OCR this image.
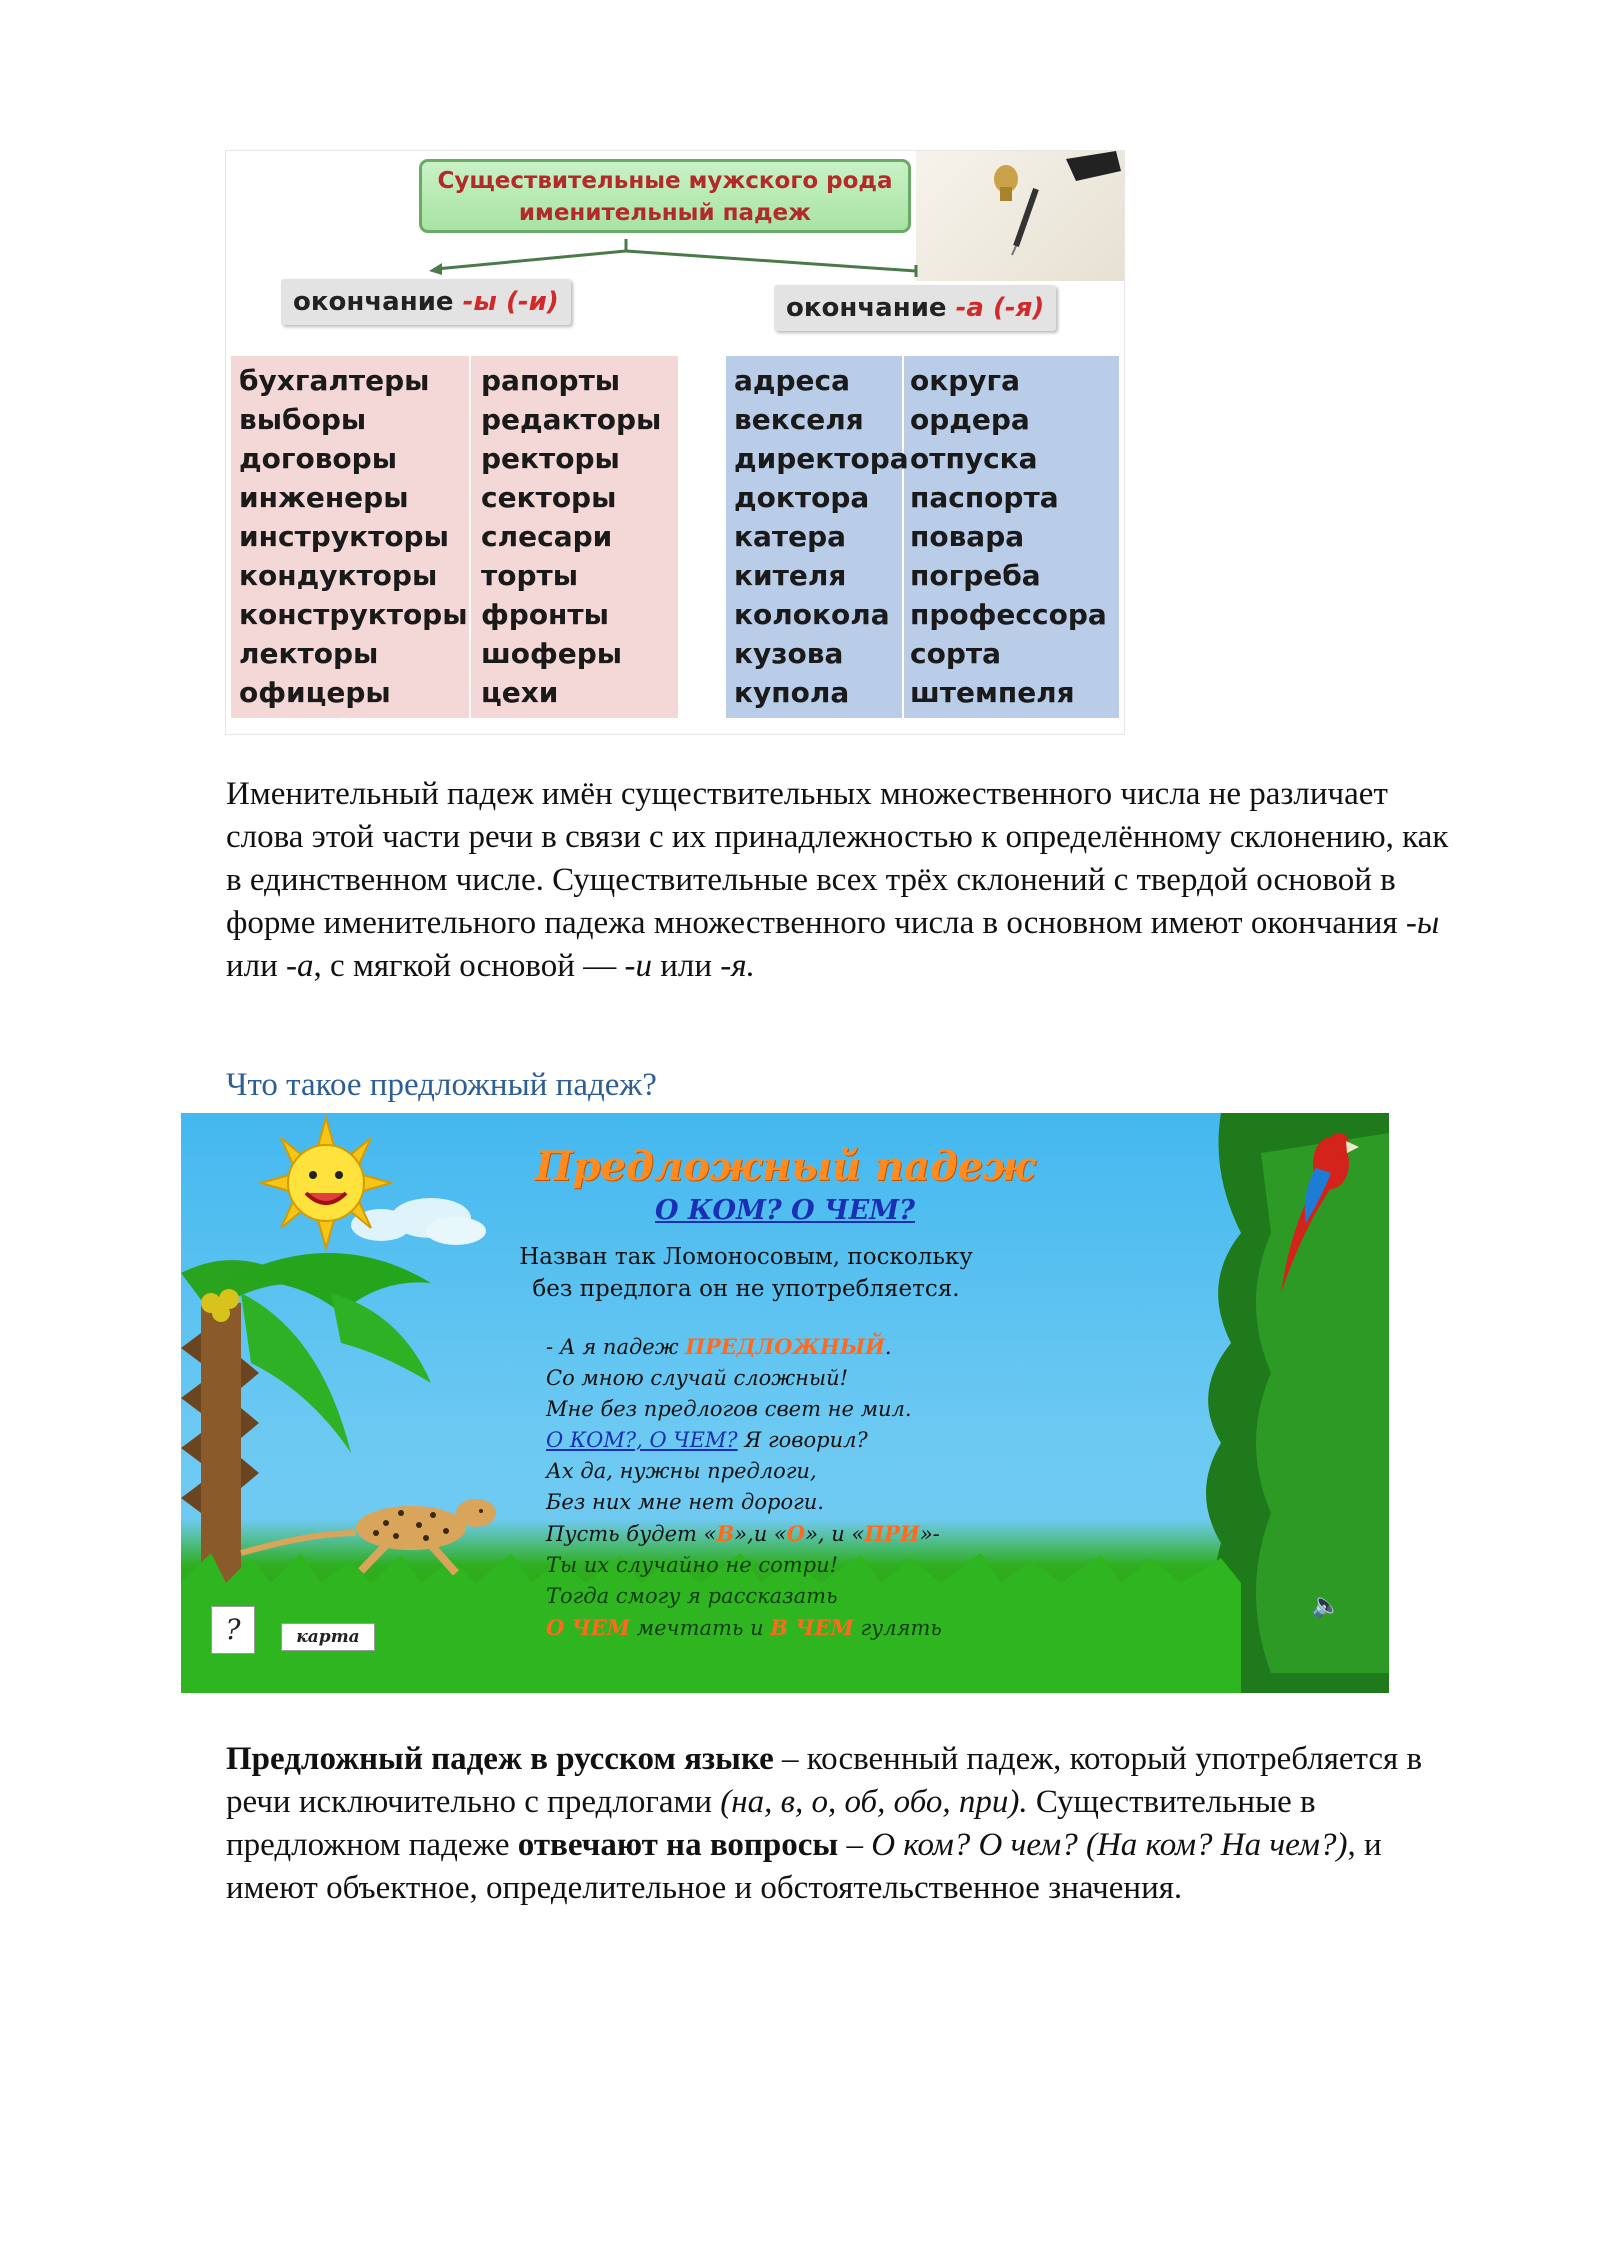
Существительные мужского рода
именительный падеж
окончание -ы (-и)	окончание -а (-я)
бухгалтеры
выборы
договоры
инженеры
инструкторы
кондукторы
конструкторы
лекторы
офицеры
рапорты
редакторы
ректоры
секторы
слесари
торты
фронты
шоферы
цехи
адреса
векселя
директора
доктора
катера
кителя
колокола
кузова
купола
округа
ордера
отпуска
паспорта
повара
погреба
профессора
сорта
штемпеля
Именительный падеж имён существительных множественного числа не различает слова этой части речи в связи с их принадлежностью к определённому склонению, как в единственном числе. Существительные всех трёх склонений с твердой основой в форме именительного падежа множественного числа в основном имеют окончания -ы или -а, с мягкой основой — -и или -я.
Что такое предложный падеж?
Предложный падеж
О КОМ? О ЧЕМ?
Назван так Ломоносовым, поскольку
без предлога он не употребляется.
- А я падеж ПРЕДЛОЖНЫЙ.
Со мною случай сложный!
Мне без предлогов свет не мил.
О КОМ?, О ЧЕМ? Я говорил?
Ах да, нужны предлоги,
Без них мне нет дороги.
Пусть будет «В»,и «О», и «ПРИ»-
Ты их случайно не сотри!
Тогда смогу я рассказать
О ЧЕМ мечтать и В ЧЕМ гулять
?	карта
🔈
Предложный падеж в русском языке – косвенный падеж, который употребляется в речи исключительно с предлогами (на, в, о, об, обо, при). Существительные в предложном падеже отвечают на вопросы – О ком? О чем? (На ком? На чем?), и имеют объектное, определительное и обстоятельственное значения.
